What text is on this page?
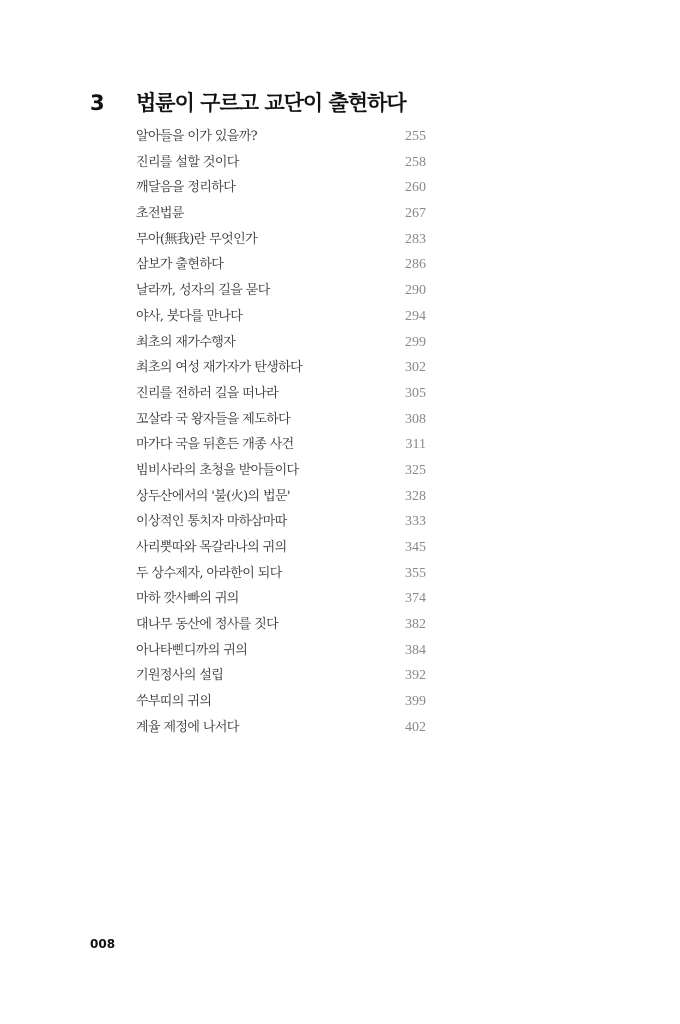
3 법륜이 구르고 교단이 출현하다
알아들을 이가 있을까?	255
진리를 설할 것이다	258
깨달음을 정리하다	260
초전법륜	267
무아(無我)란 무엇인가	283
삼보가 출현하다	286
날라까, 성자의 길을 묻다	290
야사, 붓다를 만나다	294
최초의 재가수행자	299
최초의 여성 재가자가 탄생하다	302
진리를 전하러 길을 떠나라	305
꼬살라 국 왕자들을 제도하다	308
마가다 국을 뒤흔든 개종 사건	311
빔비사라의 초청을 받아들이다	325
상두산에서의 '불(火)의 법문'	328
이상적인 통치자 마하삼마따	333
사리뿟따와 목갈라나의 귀의	345
두 상수제자, 아라한이 되다	355
마하 깟사빠의 귀의	374
대나무 동산에 정사를 짓다	382
아나타삔디까의 귀의	384
기원정사의 설립	392
쑤부띠의 귀의	399
계율 제정에 나서다	402
008
